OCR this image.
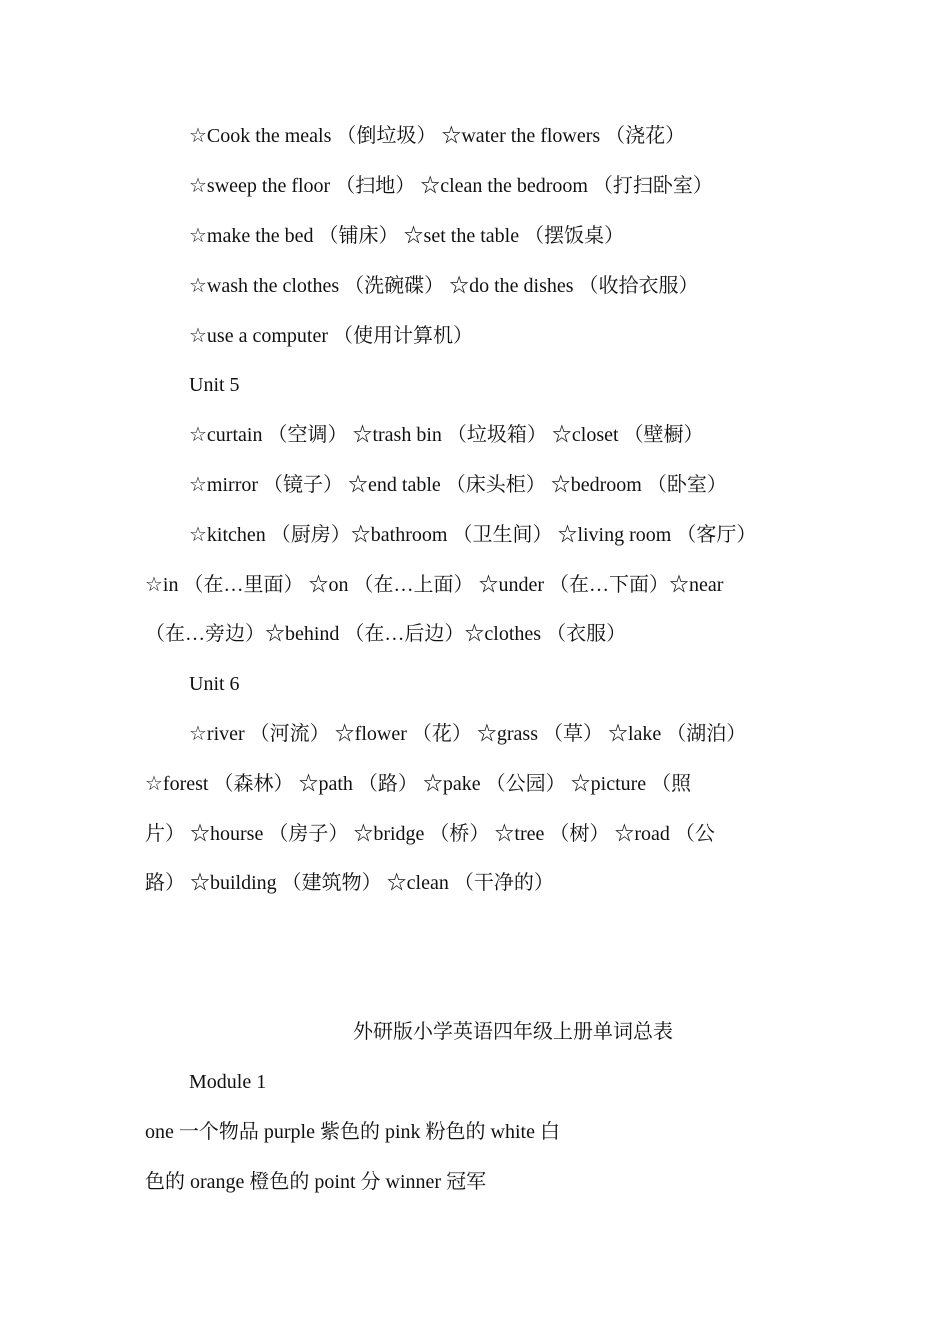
☆Cook the meals （倒垃圾） ☆water the flowers （浇花）
☆sweep the floor （扫地） ☆clean the bedroom （打扫卧室）
☆make the bed （铺床） ☆set the table （摆饭桌）
☆wash the clothes （洗碗碟） ☆do the dishes （收拾衣服）
☆use a computer （使用计算机）
Unit 5
☆curtain （空调） ☆trash bin （垃圾箱） ☆closet （壁橱）
☆mirror （镜子） ☆end table （床头柜） ☆bedroom （卧室）
☆kitchen （厨房）☆bathroom （卫生间） ☆living room （客厅）
☆in （在…里面） ☆on （在…上面） ☆under （在…下面）☆near
（在…旁边）☆behind （在…后边）☆clothes （衣服）
Unit 6
☆river （河流） ☆flower （花） ☆grass （草） ☆lake （湖泊）
☆forest （森林） ☆path （路） ☆pake （公园） ☆picture （照
片） ☆hourse （房子） ☆bridge （桥） ☆tree （树） ☆road （公
路） ☆building （建筑物） ☆clean （干净的）
外研版小学英语四年级上册单词总表
Module 1
one 一个物品 purple 紫色的 pink 粉色的 white 白
色的 orange 橙色的 point 分 winner 冠军
